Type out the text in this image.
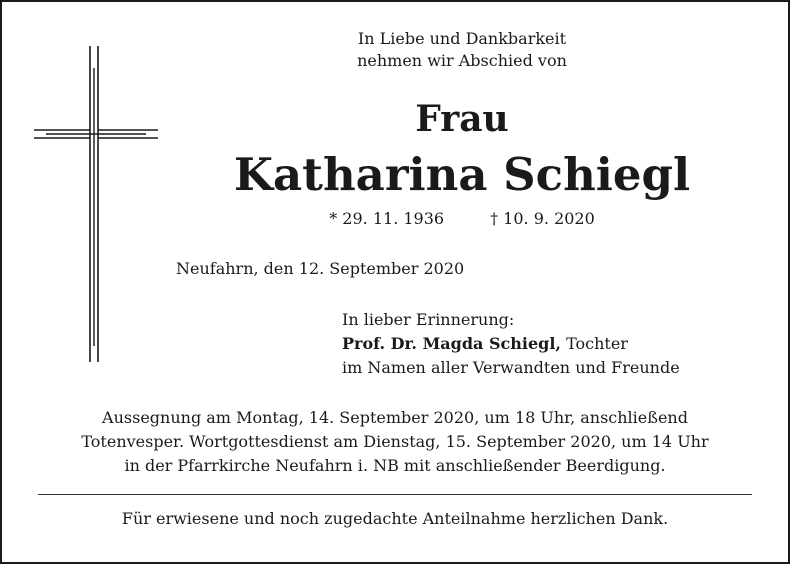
In Liebe und Dankbarkeit
nehmen wir Abschied von
Frau
Katharina Schiegl
* 29. 11. 1936	† 10. 9. 2020
Neufahrn, den 12. September 2020
In lieber Erinnerung:
Prof. Dr. Magda Schiegl, Tochter
im Namen aller Verwandten und Freunde
Aussegnung am Montag, 14. September 2020, um 18 Uhr, anschließend
Totenvesper. Wortgottesdienst am Dienstag, 15. September 2020, um 14 Uhr
in der Pfarrkirche Neufahrn i. NB mit anschließender Beerdigung.
Für erwiesene und noch zugedachte Anteilnahme herzlichen Dank.
